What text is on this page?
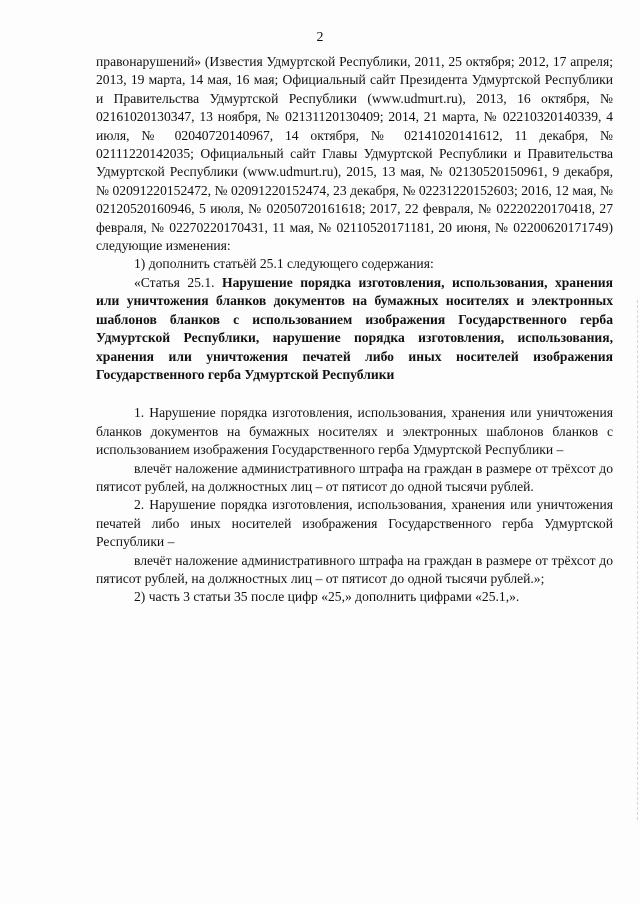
2

правонарушений» (Известия Удмуртской Республики, 2011, 25 октября; 2012, 17 апреля; 2013, 19 марта, 14 мая, 16 мая; Официальный сайт Президента Удмуртской Республики и Правительства Удмуртской Республики (www.udmurt.ru), 2013, 16 октября, № 02161020130347, 13 ноября, № 02131120130409; 2014, 21 марта, № 02210320140339, 4 июля, № 02040720140967, 14 октября, № 02141020141612, 11 декабря, № 02111220142035; Официальный сайт Главы Удмуртской Республики и Правительства Удмуртской Республики (www.udmurt.ru), 2015, 13 мая, № 02130520150961, 9 декабря, № 02091220152472, № 02091220152474, 23 декабря, № 02231220152603; 2016, 12 мая, № 02120520160946, 5 июля, № 02050720161618; 2017, 22 февраля, № 02220220170418, 27 февраля, № 02270220170431, 11 мая, № 02110520171181, 20 июня, № 02200620171749) следующие изменения:

1) дополнить статьёй 25.1 следующего содержания:

«Статья 25.1. Нарушение порядка изготовления, использования, хранения или уничтожения бланков документов на бумажных носителях и электронных шаблонов бланков с использованием изображения Государственного герба Удмуртской Республики, нарушение порядка изготовления, использования, хранения или уничтожения печатей либо иных носителей изображения Государственного герба Удмуртской Республики

1. Нарушение порядка изготовления, использования, хранения или уничтожения бланков документов на бумажных носителях и электронных шаблонов бланков с использованием изображения Государственного герба Удмуртской Республики –

влечёт наложение административного штрафа на граждан в размере от трёхсот до пятисот рублей, на должностных лиц – от пятисот до одной тысячи рублей.

2. Нарушение порядка изготовления, использования, хранения или уничтожения печатей либо иных носителей изображения Государственного герба Удмуртской Республики –

влечёт наложение административного штрафа на граждан в размере от трёхсот до пятисот рублей, на должностных лиц – от пятисот до одной тысячи рублей.»;

2) часть 3 статьи 35 после цифр «25,» дополнить цифрами «25.1,».
